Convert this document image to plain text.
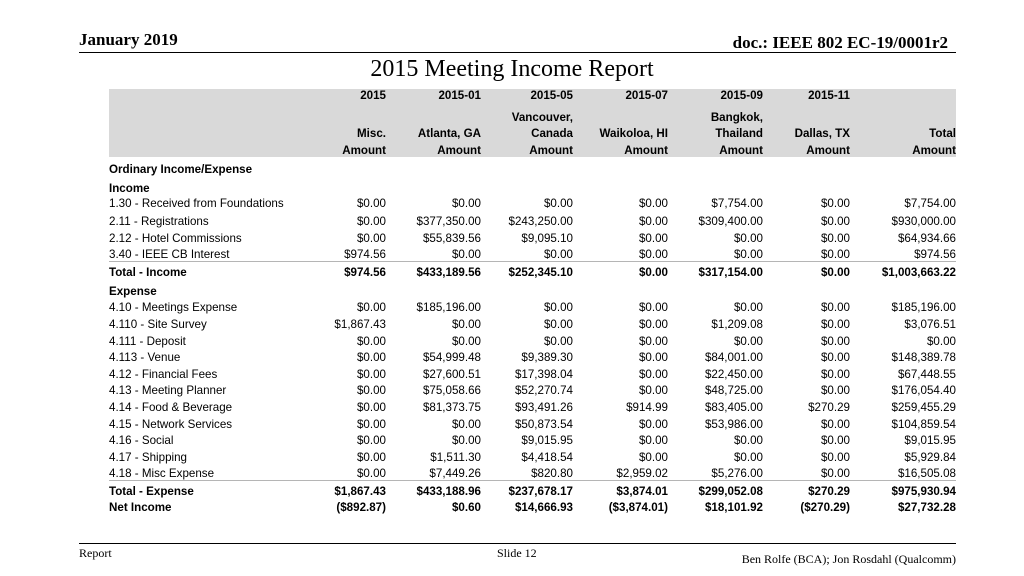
January 2019	doc.: IEEE 802 EC-19/0001r2
2015 Meeting Income Report
	2015	2015-01	2015-05	2015-07	2015-09	2015-11	
			Vancouver,		Bangkok,		
	Misc.	Atlanta, GA	Canada	Waikoloa, HI	Thailand	Dallas, TX	Total
	Amount	Amount	Amount	Amount	Amount	Amount	Amount
Ordinary Income/Expense							
Income							
1.30 - Received from Foundations	$0.00	$0.00	$0.00	$0.00	$7,754.00	$0.00	$7,754.00
2.11 - Registrations	$0.00	$377,350.00	$243,250.00	$0.00	$309,400.00	$0.00	$930,000.00
2.12 - Hotel Commissions	$0.00	$55,839.56	$9,095.10	$0.00	$0.00	$0.00	$64,934.66
3.40 - IEEE CB Interest	$974.56	$0.00	$0.00	$0.00	$0.00	$0.00	$974.56
Total - Income	$974.56	$433,189.56	$252,345.10	$0.00	$317,154.00	$0.00	$1,003,663.22
Expense							
4.10 - Meetings Expense	$0.00	$185,196.00	$0.00	$0.00	$0.00	$0.00	$185,196.00
4.110 - Site Survey	$1,867.43	$0.00	$0.00	$0.00	$1,209.08	$0.00	$3,076.51
4.111 - Deposit	$0.00	$0.00	$0.00	$0.00	$0.00	$0.00	$0.00
4.113 - Venue	$0.00	$54,999.48	$9,389.30	$0.00	$84,001.00	$0.00	$148,389.78
4.12 - Financial Fees	$0.00	$27,600.51	$17,398.04	$0.00	$22,450.00	$0.00	$67,448.55
4.13 - Meeting Planner	$0.00	$75,058.66	$52,270.74	$0.00	$48,725.00	$0.00	$176,054.40
4.14 - Food & Beverage	$0.00	$81,373.75	$93,491.26	$914.99	$83,405.00	$270.29	$259,455.29
4.15 - Network Services	$0.00	$0.00	$50,873.54	$0.00	$53,986.00	$0.00	$104,859.54
4.16 - Social	$0.00	$0.00	$9,015.95	$0.00	$0.00	$0.00	$9,015.95
4.17 - Shipping	$0.00	$1,511.30	$4,418.54	$0.00	$0.00	$0.00	$5,929.84
4.18 - Misc Expense	$0.00	$7,449.26	$820.80	$2,959.02	$5,276.00	$0.00	$16,505.08
Total - Expense	$1,867.43	$433,188.96	$237,678.17	$3,874.01	$299,052.08	$270.29	$975,930.94
Net Income	($892.87)	$0.60	$14,666.93	($3,874.01)	$18,101.92	($270.29)	$27,732.28
Report	Slide 12	Ben Rolfe (BCA); Jon Rosdahl (Qualcomm)
